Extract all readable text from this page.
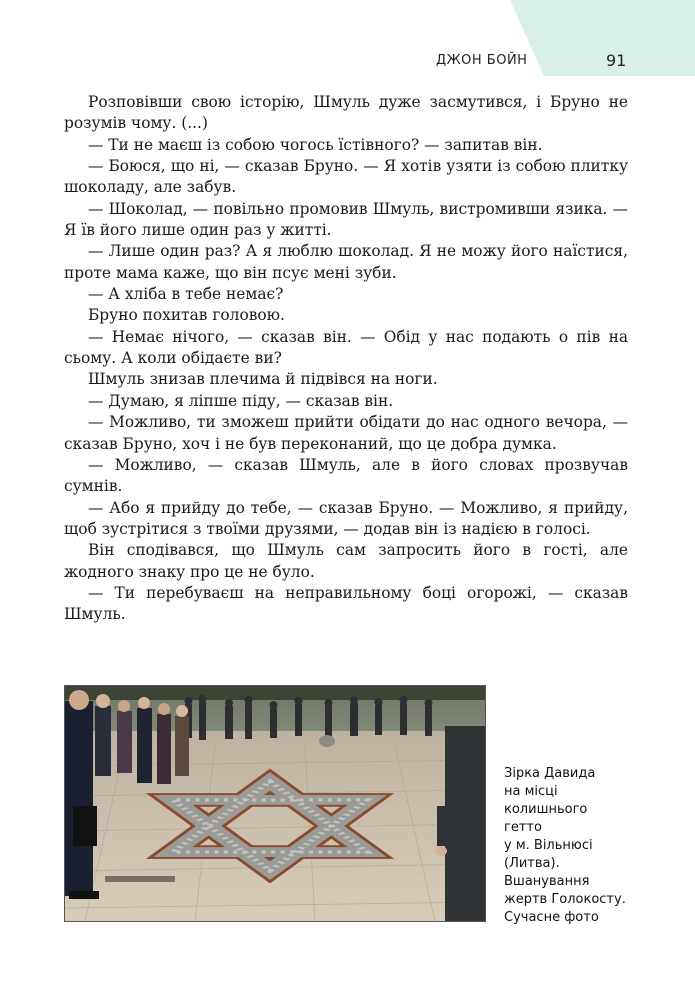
ДЖОН БОЙН	91

Розповівши свою історію, Шмуль дуже засмутився, і Бруно не розумів чому. (...)

— Ти не маєш із собою чогось їстівного? — запитав він.

— Боюся, що ні, — сказав Бруно. — Я хотів узяти із собою плитку шоколаду, але забув.

— Шоколад, — повільно промовив Шмуль, вистромивши язика. — Я їв його лише один раз у житті.

— Лише один раз? А я люблю шоколад. Я не можу його наїстися, проте мама каже, що він псує мені зуби.

— А хліба в тебе немає?

Бруно похитав головою.

— Немає нічого, — сказав він. — Обід у нас подають о пів на сьому. А коли обідаєте ви?

Шмуль знизав плечима й підвівся на ноги.

— Думаю, я ліпше піду, — сказав він.

— Можливо, ти зможеш прийти обідати до нас одного вечора, — сказав Бруно, хоч і не був переконаний, що це добра думка.

— Можливо, — сказав Шмуль, але в його словах прозвучав сумнів.

— Або я прийду до тебе, — сказав Бруно. — Можливо, я прийду, щоб зустрітися з твоїми друзями, — додав він із надією в голосі.

Він сподівався, що Шмуль сам запросить його в гості, але жодного знаку про це не було.

— Ти перебуваєш на неправильному боці огорожі, — сказав Шмуль.

Зірка Давида
на місці
колишнього
гетто
у м. Вільнюсі
(Литва).
Вшанування
жертв Голокосту.
Сучасне фото
